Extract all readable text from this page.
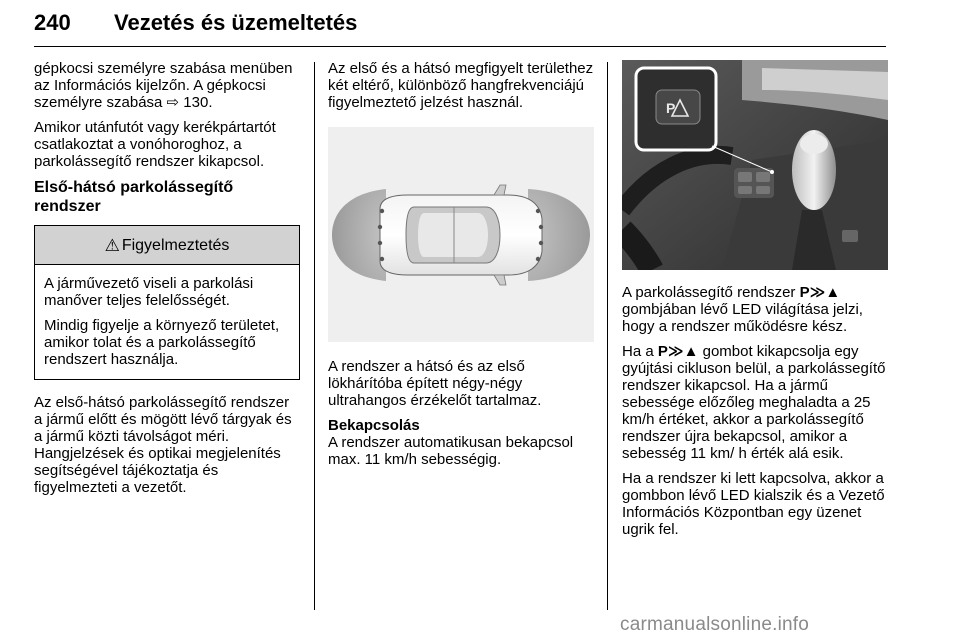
240 Vezetés és üzemeltetés

gépkocsi személyre szabása menüben az Információs kijelzőn. A gépkocsi személyre szabása ⇨ 130.

Amikor utánfutót vagy kerékpártartót csatlakoztat a vonóhoroghoz, a parkolássegítő rendszer kikapcsol.

Első-hátsó parkolássegítő rendszer
⚠ Figyelmeztetés

A járművezető viseli a parkolási manőver teljes felelősségét.

Mindig figyelje a környező területet, amikor tolat és a parkolássegítő rendszert használja.

Az első-hátsó parkolássegítő rendszer a jármű előtt és mögött lévő tárgyak és a jármű közti távolságot méri. Hangjelzések és optikai megjelenítés segítségével tájékoztatja és figyelmezteti a vezetőt.

Az első és a hátsó megfigyelt területhez két eltérő, különböző hangfrekvenciájú figyelmeztető jelzést használ.

A rendszer a hátsó és az első lökhárítóba épített négy-négy ultrahangos érzékelőt tartalmaz.

Bekapcsolás

A rendszer automatikusan bekapcsol max. 11 km/h sebességig.

P

A parkolássegítő rendszer P≫▲ gombjában lévő LED világítása jelzi, hogy a rendszer működésre kész.

Ha a P≫▲ gombot kikapcsolja egy gyújtási cikluson belül, a parkolássegítő rendszer kikapcsol. Ha a jármű sebessége előzőleg meghaladta a 25 km/h értéket, akkor a parkolássegítő rendszer újra bekapcsol, amikor a sebesség 11 km/ h érték alá esik.

Ha a rendszer ki lett kapcsolva, akkor a gombbon lévő LED kialszik és a Vezető Információs Központban egy üzenet ugrik fel.

carmanualsonline.info
